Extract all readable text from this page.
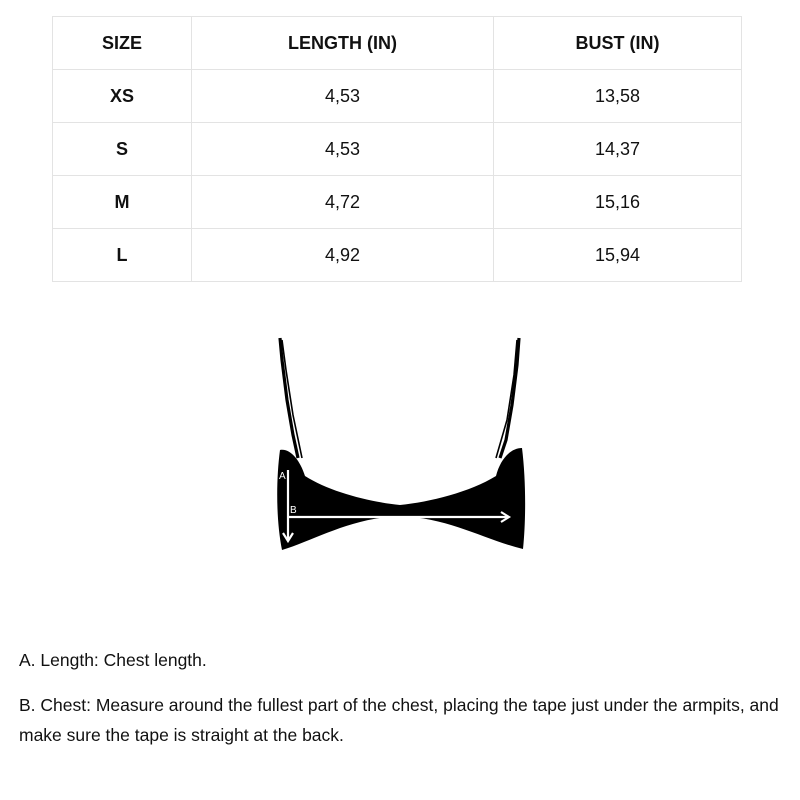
SIZE	LENGTH (IN)	BUST (IN)
XS	4,53	13,58
S	4,53	14,37
M	4,72	15,16
L	4,92	15,94
A
B

A. Length: Chest length.

B. Chest: Measure around the fullest part of the chest, placing the tape just under the armpits, and make sure the tape is straight at the back.
